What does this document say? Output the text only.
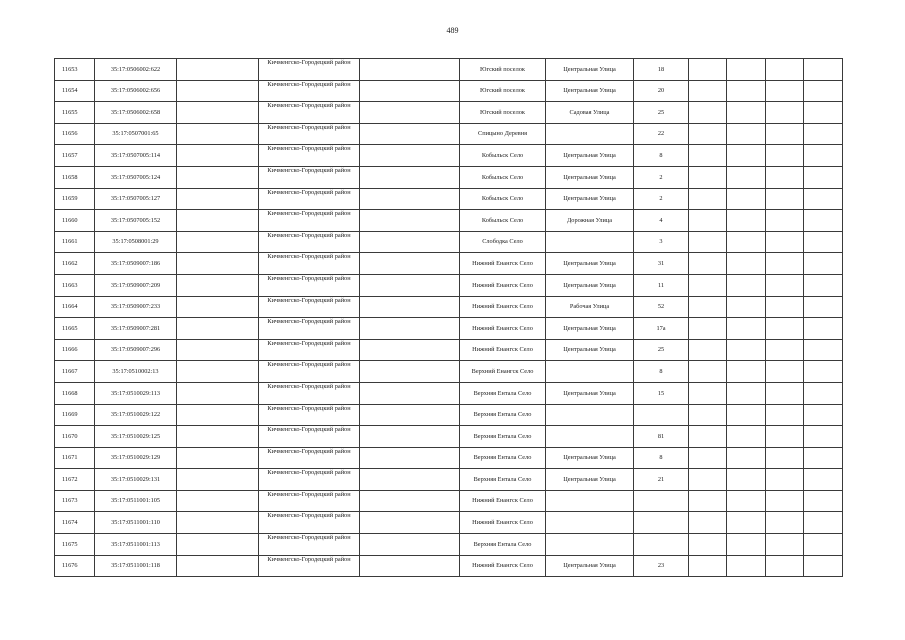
489
11653	35:17:0506002:622		Кичменгско-Городецкий район		Югский поселок	Центральная Улица	18				
11654	35:17:0506002:656		Кичменгско-Городецкий район		Югский поселок	Центральная Улица	20				
11655	35:17:0506002:658		Кичменгско-Городецкий район		Югский поселок	Садовая Улица	25				
11656	35:17:0507001:65		Кичменгско-Городецкий район		Спицыно Деревня		22				
11657	35:17:0507005:114		Кичменгско-Городецкий район		Кобыльск Село	Центральная Улица	8				
11658	35:17:0507005:124		Кичменгско-Городецкий район		Кобыльск Село	Центральная Улица	2				
11659	35:17:0507005:127		Кичменгско-Городецкий район		Кобыльск Село	Центральная Улица	2				
11660	35:17:0507005:152		Кичменгско-Городецкий район		Кобыльск Село	Дорожная Улица	4				
11661	35:17:0508001:29		Кичменгско-Городецкий район		Слободка Село		3				
11662	35:17:0509007:186		Кичменгско-Городецкий район		Нижний Енангск Село	Центральная Улица	31				
11663	35:17:0509007:209		Кичменгско-Городецкий район		Нижний Енангск Село	Центральная Улица	11				
11664	35:17:0509007:233		Кичменгско-Городецкий район		Нижний Енангск Село	Рабочая Улица	52				
11665	35:17:0509007:281		Кичменгско-Городецкий район		Нижний Енангск Село	Центральная Улица	17а				
11666	35:17:0509007:296		Кичменгско-Городецкий район		Нижний Енангск Село	Центральная Улица	25				
11667	35:17:0510002:13		Кичменгско-Городецкий район		Верхний Енангск Село		8				
11668	35:17:0510029:113		Кичменгско-Городецкий район		Верхняя Ентала Село	Центральная Улица	15				
11669	35:17:0510029:122		Кичменгско-Городецкий район		Верхняя Ентала Село						
11670	35:17:0510029:125		Кичменгско-Городецкий район		Верхняя Ентала Село		81				
11671	35:17:0510029:129		Кичменгско-Городецкий район		Верхняя Ентала Село	Центральная Улица	8				
11672	35:17:0510029:131		Кичменгско-Городецкий район		Верхняя Ентала Село	Центральная Улица	21				
11673	35:17:0511001:105		Кичменгско-Городецкий район		Нижний Енангск Село						
11674	35:17:0511001:110		Кичменгско-Городецкий район		Нижний Енангск Село						
11675	35:17:0511001:113		Кичменгско-Городецкий район		Верхняя Ентала Село						
11676	35:17:0511001:118		Кичменгско-Городецкий район		Нижний Енангск Село	Центральная Улица	23				
